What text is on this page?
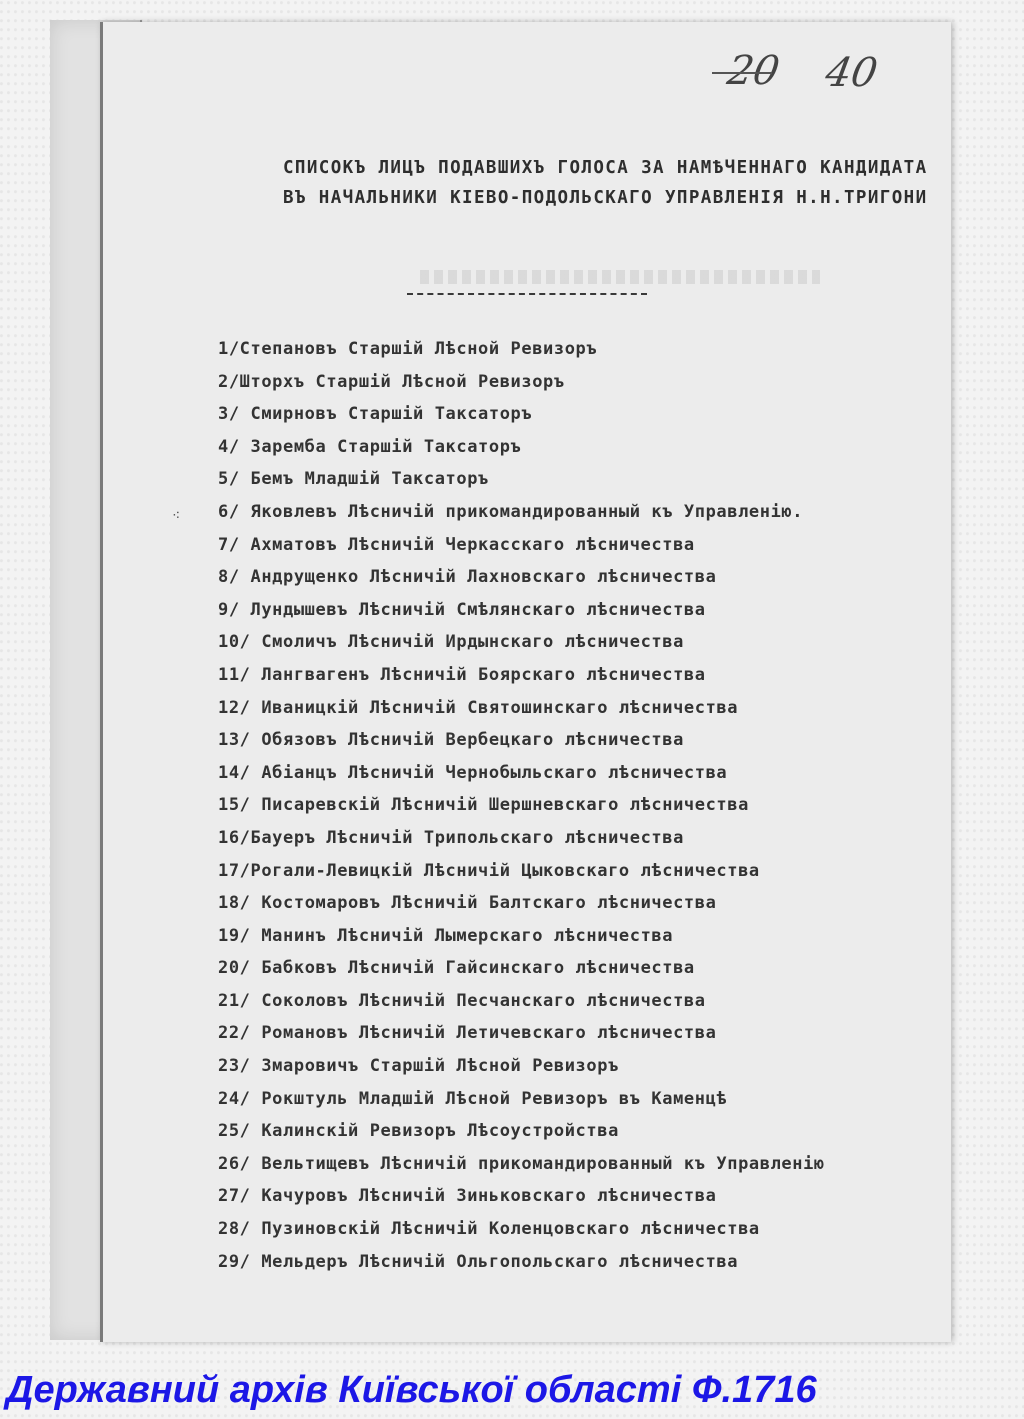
20 40
СПИСОКЪ ЛИЦЪ ПОДАВШИХЪ ГОЛОСА ЗА НАМѢЧЕННАГО КАНДИДАТА
ВЪ НАЧАЛЬНИКИ КІЕВО-ПОДОЛЬСКАГО УПРАВЛЕНІЯ Н.Н.ТРИГОНИ
⁖
1/Степановъ Старшій Лѣсной Ревизоръ
2/Шторхъ Старшій Лѣсной Ревизоръ
3/ Смирновъ Старшій Таксаторъ
4/ Заремба Старшій Таксаторъ
5/ Бемъ Младшій Таксаторъ
6/ Яковлевъ Лѣсничій прикомандированный къ Управленію.
7/ Ахматовъ Лѣсничій Черкасскаго лѣсничества
8/ Андрущенко Лѣсничій Лахновскаго лѣсничества
9/ Лундышевъ Лѣсничій Смѣлянскаго лѣсничества
10/ Смоличъ Лѣсничій Ирдынскаго лѣсничества
11/ Лангвагенъ Лѣсничій Боярскаго лѣсничества
12/ Иваницкій Лѣсничій Святошинскаго лѣсничества
13/ Обязовъ Лѣсничій Вербецкаго лѣсничества
14/ Абіанцъ Лѣсничій Чернобыльскаго лѣсничества
15/ Писаревскій Лѣсничій Шершневскаго лѣсничества
16/Бауеръ Лѣсничій Трипольскаго лѣсничества
17/Рогали-Левицкій Лѣсничій Цыковскаго лѣсничества
18/ Костомаровъ Лѣсничій Балтскаго лѣсничества
19/ Манинъ Лѣсничій Лымерскаго лѣсничества
20/ Бабковъ Лѣсничій Гайсинскаго лѣсничества
21/ Соколовъ Лѣсничій Песчанскаго лѣсничества
22/ Романовъ Лѣсничій Летичевскаго лѣсничества
23/ Змаровичъ Старшій Лѣсной Ревизоръ
24/ Рокштуль Младшій Лѣсной Ревизоръ въ Каменцѣ
25/ Калинскій Ревизоръ Лѣсоустройства
26/ Вельтищевъ Лѣсничій прикомандированный къ Управленію
27/ Качуровъ Лѣсничій Зиньковскаго лѣсничества
28/ Пузиновскій Лѣсничій Коленцовскаго лѣсничества
29/ Мельдеръ Лѣсничій Ольгопольскаго лѣсничества
Державний архів Київської області Ф.1716
